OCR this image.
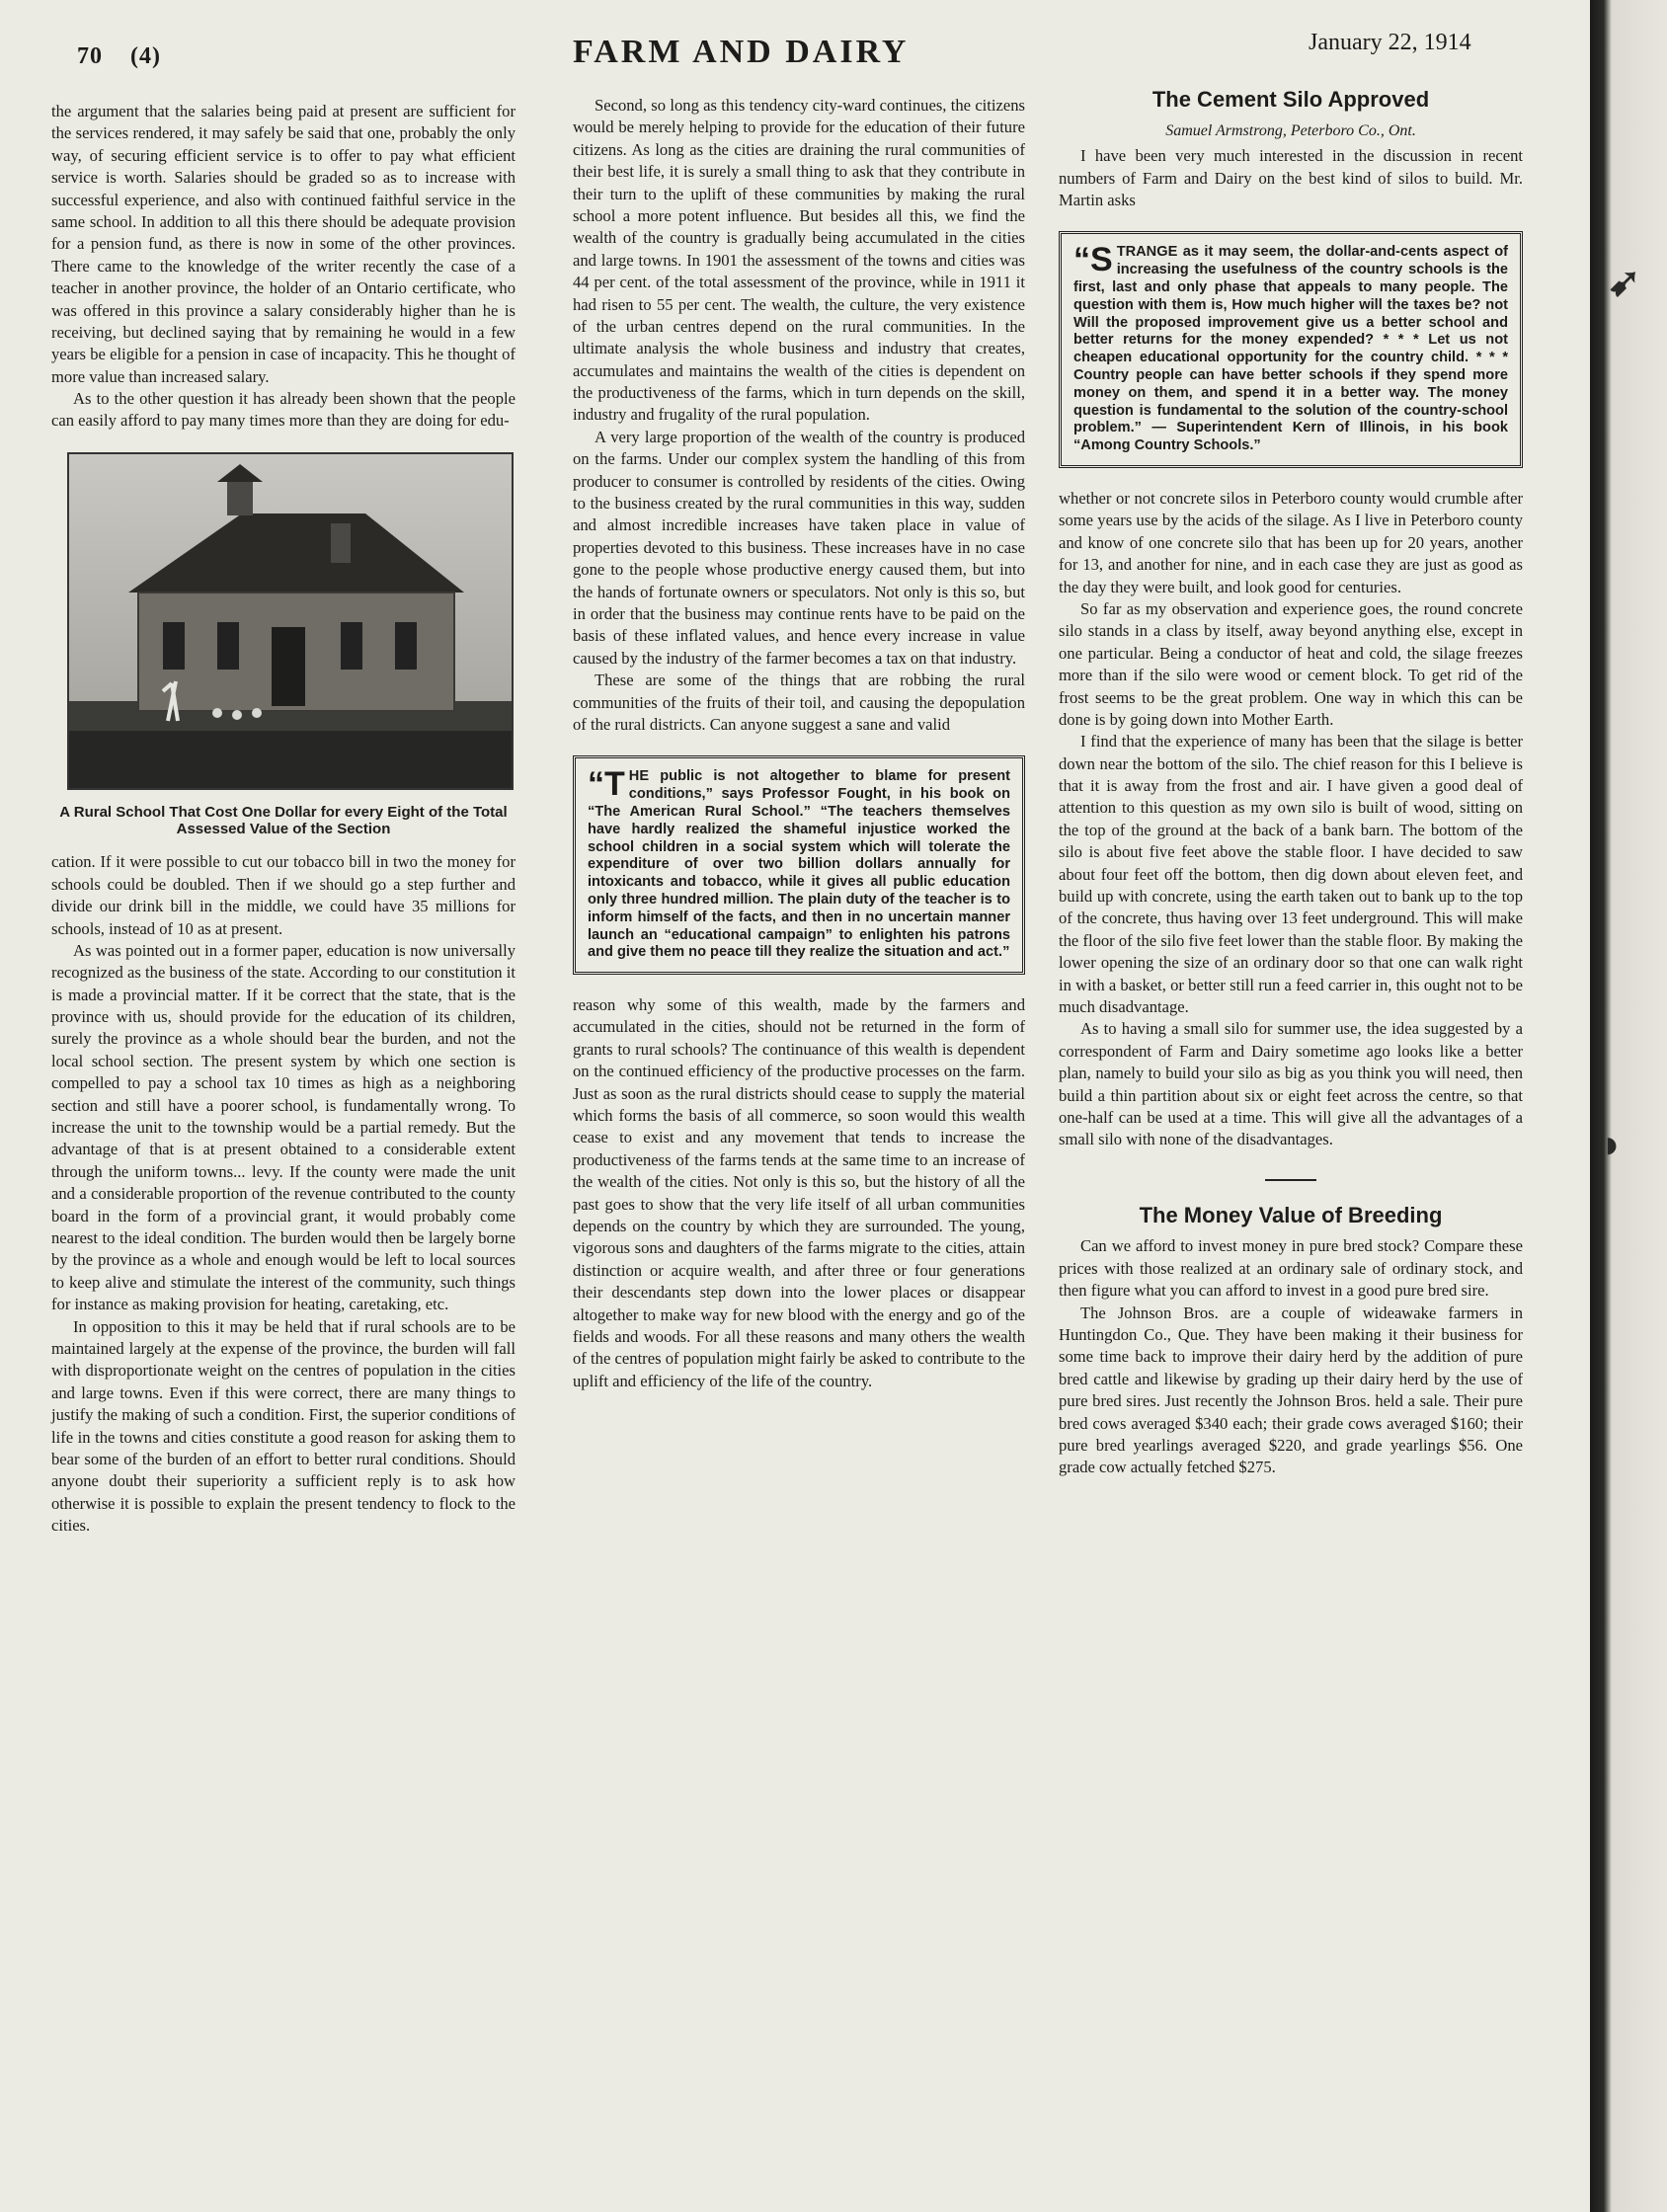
70 (4)	FARM AND DAIRY	January 22, 1914

the argument that the salaries being paid at present are sufficient for the services rendered, it may safely be said that one, probably the only way, of securing efficient service is to offer to pay what efficient service is worth. Salaries should be graded so as to increase with successful experience, and also with continued faithful service in the same school. In addition to all this there should be adequate provision for a pension fund, as there is now in some of the other provinces. There came to the knowledge of the writer recently the case of a teacher in another province, the holder of an Ontario certificate, who was offered in this province a salary considerably higher than he is receiving, but declined saying that by remaining he would in a few years be eligible for a pension in case of incapacity. This he thought of more value than increased salary.

As to the other question it has already been shown that the people can easily afford to pay many times more than they are doing for edu-

A Rural School That Cost One Dollar for every Eight of the Total Assessed Value of the Section

cation. If it were possible to cut our tobacco bill in two the money for schools could be doubled. Then if we should go a step further and divide our drink bill in the middle, we could have 35 millions for schools, instead of 10 as at present.

As was pointed out in a former paper, education is now universally recognized as the business of the state. According to our constitution it is made a provincial matter. If it be correct that the state, that is the province with us, should provide for the education of its children, surely the province as a whole should bear the burden, and not the local school section. The present system by which one section is compelled to pay a school tax 10 times as high as a neighboring section and still have a poorer school, is fundamentally wrong. To increase the unit to the township would be a partial remedy. But the advantage of that is at present obtained to a considerable extent through the uniform towns... levy. If the county were made the unit and a considerable proportion of the revenue contributed to the county board in the form of a provincial grant, it would probably come nearest to the ideal condition. The burden would then be largely borne by the province as a whole and enough would be left to local sources to keep alive and stimulate the interest of the community, such things for instance as making provision for heating, caretaking, etc.

In opposition to this it may be held that if rural schools are to be maintained largely at the expense of the province, the burden will fall with disproportionate weight on the centres of population in the cities and large towns. Even if this were correct, there are many things to justify the making of such a condition. First, the superior conditions of life in the towns and cities constitute a good reason for asking them to bear some of the burden of an effort to better rural conditions. Should anyone doubt their superiority a sufficient reply is to ask how otherwise it is possible to explain the present tendency to flock to the cities.

Second, so long as this tendency city-ward continues, the citizens would be merely helping to provide for the education of their future citizens. As long as the cities are draining the rural communities of their best life, it is surely a small thing to ask that they contribute in their turn to the uplift of these communities by making the rural school a more potent influence. But besides all this, we find the wealth of the country is gradually being accumulated in the cities and large towns. In 1901 the assessment of the towns and cities was 44 per cent. of the total assessment of the province, while in 1911 it had risen to 55 per cent. The wealth, the culture, the very existence of the urban centres depend on the rural communities. In the ultimate analysis the whole business and industry that creates, accumulates and maintains the wealth of the cities is dependent on the productiveness of the farms, which in turn depends on the skill, industry and frugality of the rural population.

A very large proportion of the wealth of the country is produced on the farms. Under our complex system the handling of this from producer to consumer is controlled by residents of the cities. Owing to the business created by the rural communities in this way, sudden and almost incredible increases have taken place in value of properties devoted to this business. These increases have in no case gone to the people whose productive energy caused them, but into the hands of fortunate owners or speculators. Not only is this so, but in order that the business may continue rents have to be paid on the basis of these inflated values, and hence every increase in value caused by the industry of the farmer becomes a tax on that industry.

These are some of the things that are robbing the rural communities of the fruits of their toil, and causing the depopulation of the rural districts. Can anyone suggest a sane and valid

“THE public is not altogether to blame for present conditions,” says Professor Fought, in his book on “The American Rural School.” “The teachers themselves have hardly realized the shameful injustice worked the school children in a social system which will tolerate the expenditure of over two billion dollars annually for intoxicants and tobacco, while it gives all public education only three hundred million. The plain duty of the teacher is to inform himself of the facts, and then in no uncertain manner launch an “educational campaign” to enlighten his patrons and give them no peace till they realize the situation and act.”

reason why some of this wealth, made by the farmers and accumulated in the cities, should not be returned in the form of grants to rural schools? The continuance of this wealth is dependent on the continued efficiency of the productive processes on the farm. Just as soon as the rural districts should cease to supply the material which forms the basis of all commerce, so soon would this wealth cease to exist and any movement that tends to increase the productiveness of the farms tends at the same time to an increase of the wealth of the cities. Not only is this so, but the history of all the past goes to show that the very life itself of all urban communities depends on the country by which they are surrounded. The young, vigorous sons and daughters of the farms migrate to the cities, attain distinction or acquire wealth, and after three or four generations their descendants step down into the lower places or disappear altogether to make way for new blood with the energy and go of the fields and woods. For all these reasons and many others the wealth of the centres of population might fairly be asked to contribute to the uplift and efficiency of the life of the country.

The Cement Silo Approved
Samuel Armstrong, Peterboro Co., Ont.

I have been very much interested in the discussion in recent numbers of Farm and Dairy on the best kind of silos to build. Mr. Martin asks

“STRANGE as it may seem, the dollar-and-cents aspect of increasing the usefulness of the country schools is the first, last and only phase that appeals to many people. The question with them is, How much higher will the taxes be? not Will the proposed improvement give us a better school and better returns for the money expended? * * * Let us not cheapen educational opportunity for the country child. * * * Country people can have better schools if they spend more money on them, and spend it in a better way. The money question is fundamental to the solution of the country-school problem.” — Superintendent Kern of Illinois, in his book “Among Country Schools.”

whether or not concrete silos in Peterboro county would crumble after some years use by the acids of the silage. As I live in Peterboro county and know of one concrete silo that has been up for 20 years, another for 13, and another for nine, and in each case they are just as good as the day they were built, and look good for centuries.

So far as my observation and experience goes, the round concrete silo stands in a class by itself, away beyond anything else, except in one particular. Being a conductor of heat and cold, the silage freezes more than if the silo were wood or cement block. To get rid of the frost seems to be the great problem. One way in which this can be done is by going down into Mother Earth.

I find that the experience of many has been that the silage is better down near the bottom of the silo. The chief reason for this I believe is that it is away from the frost and air. I have given a good deal of attention to this question as my own silo is built of wood, sitting on the top of the ground at the back of a bank barn. The bottom of the silo is about five feet above the stable floor. I have decided to saw about four feet off the bottom, then dig down about eleven feet, and build up with concrete, using the earth taken out to bank up to the top of the concrete, thus having over 13 feet underground. This will make the floor of the silo five feet lower than the stable floor. By making the lower opening the size of an ordinary door so that one can walk right in with a basket, or better still run a feed carrier in, this ought not to be much disadvantage.

As to having a small silo for summer use, the idea suggested by a correspondent of Farm and Dairy sometime ago looks like a better plan, namely to build your silo as big as you think you will need, then build a thin partition about six or eight feet across the centre, so that one-half can be used at a time. This will give all the advantages of a small silo with none of the disadvantages.

The Money Value of Breeding

Can we afford to invest money in pure bred stock? Compare these prices with those realized at an ordinary sale of ordinary stock, and then figure what you can afford to invest in a good pure bred sire.

The Johnson Bros. are a couple of wideawake farmers in Huntingdon Co., Que. They have been making it their business for some time back to improve their dairy herd by the addition of pure bred cattle and likewise by grading up their dairy herd by the use of pure bred sires. Just recently the Johnson Bros. held a sale. Their pure bred cows averaged $340 each; their grade cows averaged $160; their pure bred yearlings averaged $220, and grade yearlings $56. One grade cow actually fetched $275.

➹
◗
